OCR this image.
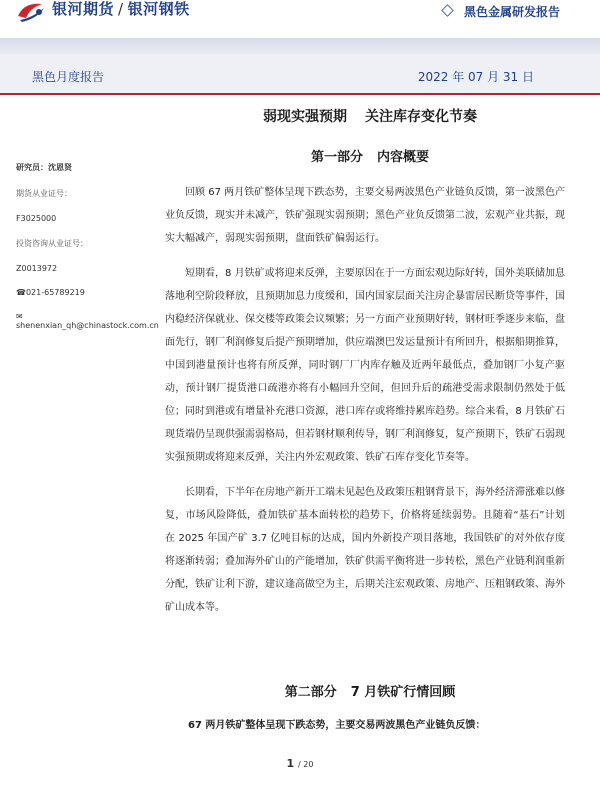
银河期货 / 银河钢铁	黑色金属研发报告
黑色月度报告	2022 年 07 月 31 日
弱现实强预期 关注库存变化节奏
第一部分 内容概要
研究员：沈恩贤
期货从业证号：
F3025000
投资咨询从业证号：
Z0013972
☎021-65789219
✉shenenxian_qh@chinastock.com.cn

回顾 67 两月铁矿整体呈现下跌态势，主要交易两波黑色产业链负反馈，第一波黑色产业负反馈，现实并未减产，铁矿强现实弱预期；黑色产业负反馈第二波，宏观产业共振，现实大幅减产，弱现实弱预期，盘面铁矿偏弱运行。

短期看，8 月铁矿或将迎来反弹，主要原因在于一方面宏观边际好转，国外美联储加息落地利空阶段释放，且预期加息力度缓和，国内国家层面关注房企暴雷居民断贷等事件，国内稳经济保就业、保交楼等政策会议频繁；另一方面产业预期好转，钢材旺季逐步来临，盘面先行，钢厂利润修复后提产预期增加，供应端澳巴发运量预计有所回升，根据船期推算，中国到港量预计也将有所反弹，同时钢厂厂内库存触及近两年最低点，叠加钢厂小复产驱动，预计钢厂提货港口疏港亦将有小幅回升空间，但回升后的疏港受需求限制仍然处于低位；同时到港或有增量补充港口资源，港口库存或将维持累库趋势。综合来看，8 月铁矿石现货端仍呈现供强需弱格局，但若钢材顺利传导，钢厂利润修复，复产预期下，铁矿石弱现实强预期或将迎来反弹，关注内外宏观政策、铁矿石库存变化节奏等。

长期看，下半年在房地产新开工端未见起色及政策压粗钢背景下，海外经济滞涨难以修复，市场风险降低，叠加铁矿基本面转松的趋势下，价格将延续弱势。且随着“基石”计划在 2025 年国产矿 3.7 亿吨目标的达成，国内外新投产项目落地，我国铁矿的对外依存度将逐渐转弱；叠加海外矿山的产能增加，铁矿供需平衡将进一步转松，黑色产业链利润重新分配，铁矿让利下游，建议逢高做空为主，后期关注宏观政策、房地产、压粗钢政策、海外矿山成本等。

第二部分 7 月铁矿行情回顾
67 两月铁矿整体呈现下跌态势，主要交易两波黑色产业链负反馈：
1 / 20
